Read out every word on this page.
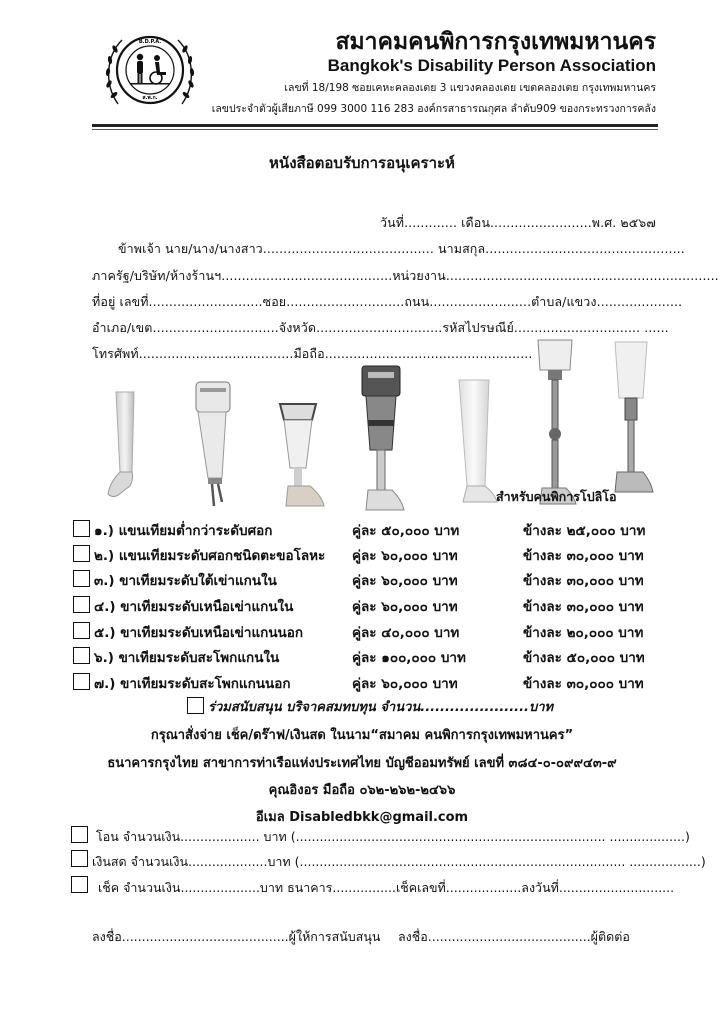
B.D.P.A.
ส.พ.ก.
สมาคมคนพิการกรุงเทพมหานคร
Bangkok's Disability Person Association
เลขที่ 18/198 ซอยเคหะคลองเตย 3 แขวงคลองเตย เขตคลองเตย กรุงเทพมหานคร
เลขประจำตัวผู้เสียภาษี 099 3000 116 283 องค์กรสาธารณกุศล ลำดับ909 ของกระทรวงการคลัง
หนังสือตอบรับการอนุเคราะห์
วันที่............. เดือน.........................พ.ศ. ๒๕๖๗
ข้าพเจ้า นาย/นาง/นางสาว.......................................... นามสกุล.................................................
ภาครัฐ/บริษัท/ห้างร้านฯ..........................................หน่วยงาน...................................................................
ที่อยู่ เลขที่............................ซอย.............................ถนน.........................ตำบล/แขวง.....................
อำเภอ/เขต...............................จังหวัด...............................รหัสไปรษณีย์............................... ......
โทรศัพท์......................................มือถือ...................................................
สำหรับคนพิการโปลิโอ
๑.) แขนเทียมต่ำกว่าระดับศอก	คู่ละ ๕๐,๐๐๐ บาท	ข้างละ ๒๕,๐๐๐ บาท
๒.) แขนเทียมระดับศอกชนิดตะขอโลหะ คู่ละ ๖๐,๐๐๐ บาท	ข้างละ ๓๐,๐๐๐ บาท
๓.) ขาเทียมระดับใต้เข่าแกนใน	คู่ละ ๖๐,๐๐๐ บาท	ข้างละ ๓๐,๐๐๐ บาท
๔.) ขาเทียมระดับเหนือเข่าแกนใน	คู่ละ ๖๐,๐๐๐ บาท	ข้างละ ๓๐,๐๐๐ บาท
๕.) ขาเทียมระดับเหนือเข่าแกนนอก	คู่ละ ๔๐,๐๐๐ บาท	ข้างละ ๒๐,๐๐๐ บาท
๖.) ขาเทียมระดับสะโพกแกนใน	คู่ละ ๑๐๐,๐๐๐ บาท	ข้างละ ๕๐,๐๐๐ บาท
๗.) ขาเทียมระดับสะโพกแกนนอก	คู่ละ ๖๐,๐๐๐ บาท	ข้างละ ๓๐,๐๐๐ บาท
ร่วมสนับสนุน บริจาคสมทบทุน จำนวน......................บาท
กรุณาสั่งจ่าย เช็ค/ดร๊าฟ/เงินสด ในนาม“สมาคม คนพิการกรุงเทพมหานคร”
ธนาคารกรุงไทย สาขาการท่าเรือแห่งประเทศไทย บัญชีออมทรัพย์ เลขที่ ๓๘๔-๐-๐๙๙๔๓-๙
คุณอิงอร มือถือ ๐๖๒-๒๖๒-๒๔๖๖
อีเมล Disabledbkk@gmail.com
โอน จำนวนเงิน.................... บาท (.............................................................................. ...................)
เงินสด จำนวนเงิน....................บาท (.................................................................................. ..................)
เช็ค จำนวนเงิน....................บาท ธนาคาร................เช็คเลขที่...................ลงวันที่.............................
ลงชื่อ..........................................ผู้ให้การสนับสนุน ลงชื่อ.........................................ผู้ติดต่อ
